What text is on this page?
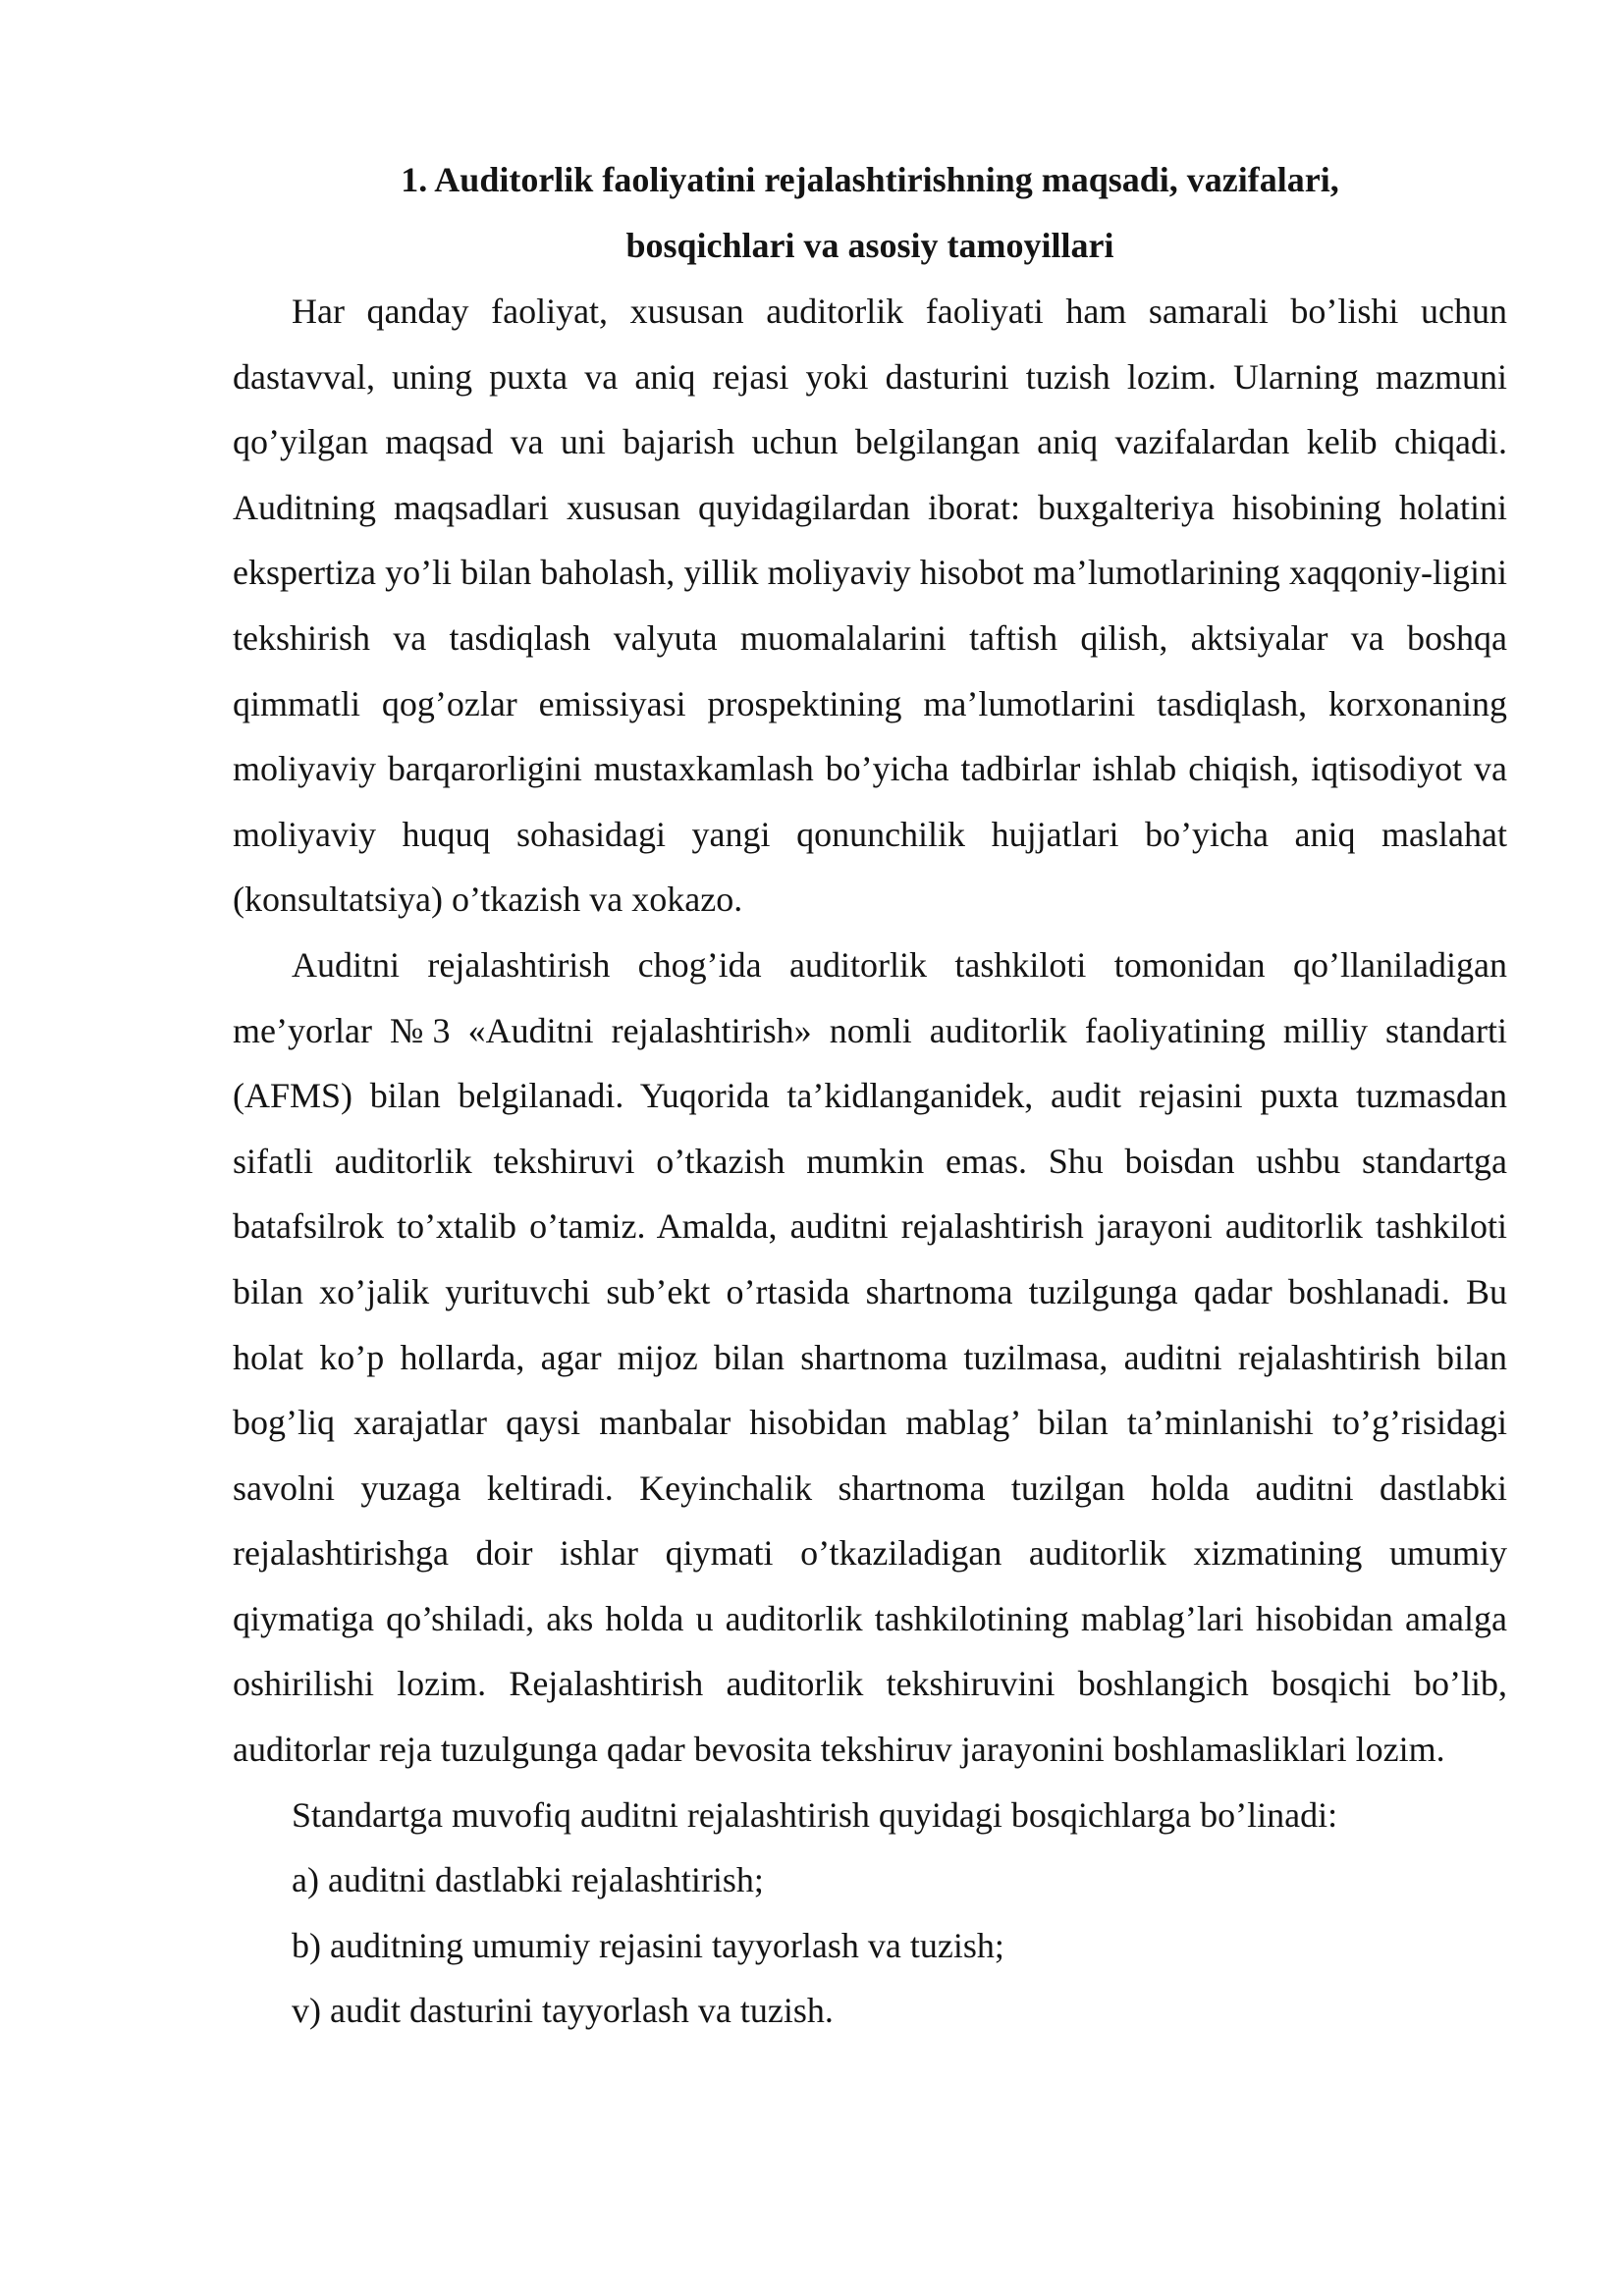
1. Auditorlik faoliyatini rejalashtirishning maqsadi, vazifalari,
bosqichlari va asosiy tamoyillari

Har qanday faoliyat, xususan auditorlik faoliyati ham samarali bo’lishi uchun dastavval, uning puxta va aniq rejasi yoki dasturini tuzish lozim. Ularning mazmuni qo’yilgan maqsad va uni bajarish uchun belgilangan aniq vazifalardan kelib chiqadi. Auditning maqsadlari xususan quyidagilardan iborat: buxgalteriya hisobining holatini ekspertiza yo’li bilan baholash, yillik moliyaviy hisobot ma’lumotlarining xaqqoniy-ligini tekshirish va tasdiqlash valyuta muomalalarini taftish qilish, aktsiyalar va boshqa qimmatli qog’ozlar emissiyasi prospektining ma’lumotlarini tasdiqlash, korxonaning moliyaviy barqarorligini mustaxkamlash bo’yicha tadbirlar ishlab chiqish, iqtisodiyot va moliyaviy huquq sohasidagi yangi qonunchilik hujjatlari bo’yicha aniq maslahat (konsultatsiya) o’tkazish va xokazo.

Auditni rejalashtirish chog’ida auditorlik tashkiloti tomonidan qo’llaniladigan me’yorlar №3 «Auditni rejalashtirish» nomli auditorlik faoliyatining milliy standarti (AFMS) bilan belgilanadi. Yuqorida ta’kidlanganidek, audit rejasini puxta tuzmasdan sifatli auditorlik tekshiruvi o’tkazish mumkin emas. Shu boisdan ushbu standartga batafsilrok to’xtalib o’tamiz. Amalda, auditni rejalashtirish jarayoni auditorlik tashkiloti bilan xo’jalik yurituvchi sub’ekt o’rtasida shartnoma tuzilgunga qadar boshlanadi. Bu holat ko’p hollarda, agar mijoz bilan shartnoma tuzilmasa, auditni rejalashtirish bilan bog’liq xarajatlar qaysi manbalar hisobidan mablag’ bilan ta’minlanishi to’g’risidagi savolni yuzaga keltiradi. Keyinchalik shartnoma tuzilgan holda auditni dastlabki rejalashtirishga doir ishlar qiymati o’tkaziladigan auditorlik xizmatining umumiy qiymatiga qo’shiladi, aks holda u auditorlik tashkilotining mablag’lari hisobidan amalga oshirilishi lozim. Rejalashtirish auditorlik tekshiruvini boshlangich bosqichi bo’lib, auditorlar reja tuzulgunga qadar bevosita tekshiruv jarayonini boshlamasliklari lozim.

Standartga muvofiq auditni rejalashtirish quyidagi bosqichlarga bo’linadi:

a) auditni dastlabki rejalashtirish;
b) auditning umumiy rejasini tayyorlash va tuzish;
v) audit dasturini tayyorlash va tuzish.
